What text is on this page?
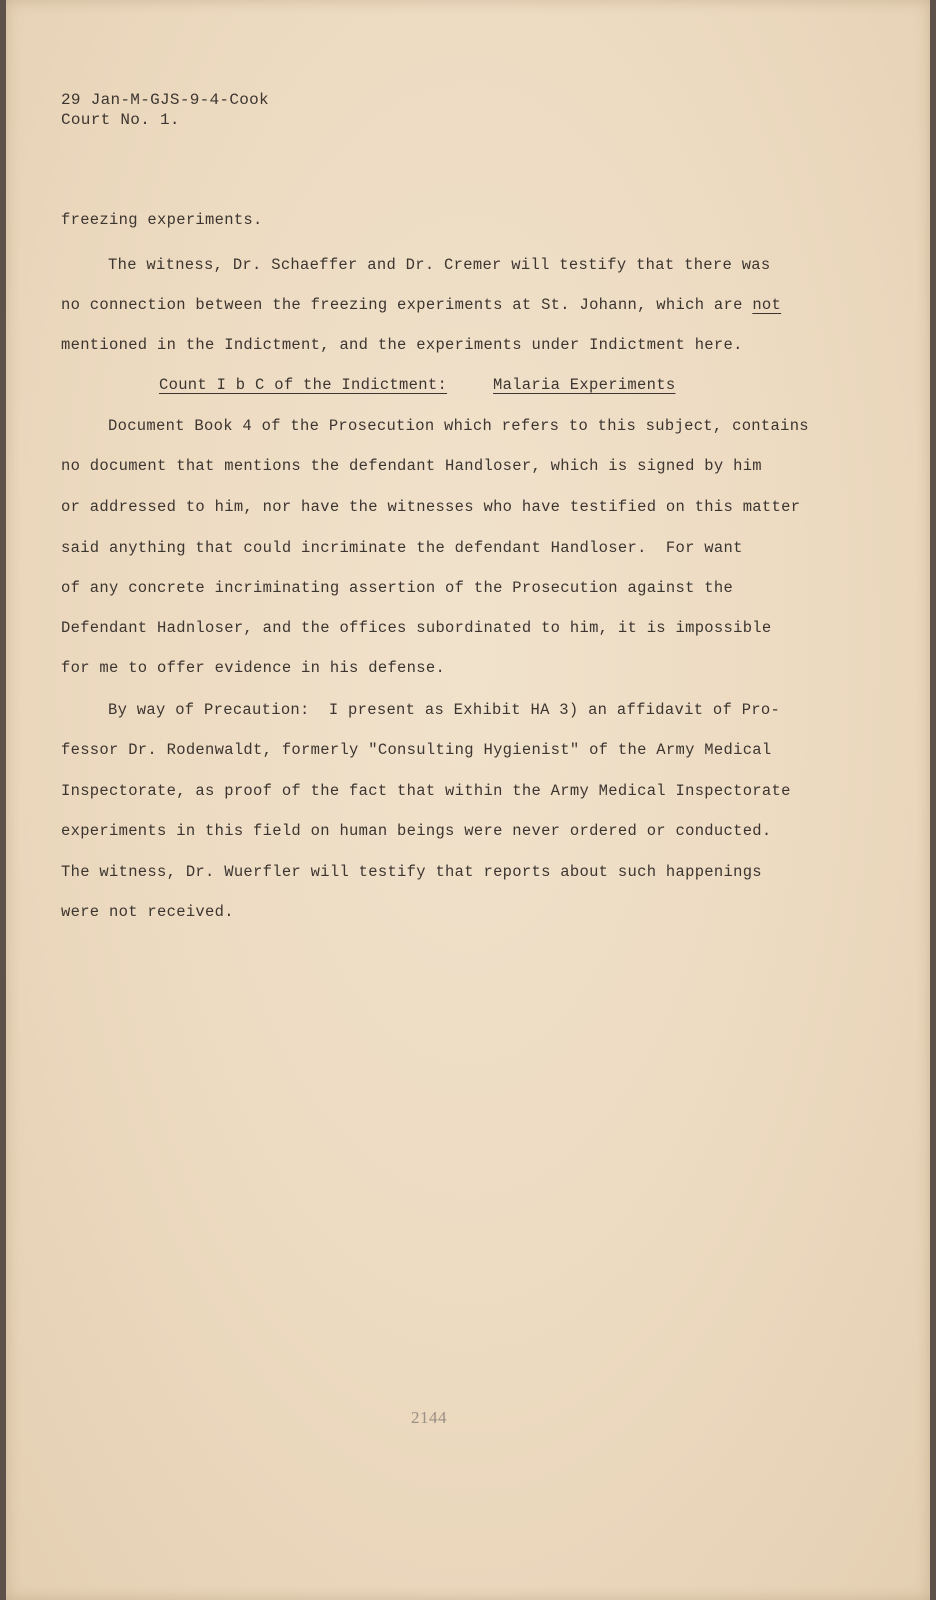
29 Jan-M-GJS-9-4-Cook
Court No. 1.
freezing experiments.
The witness, Dr. Schaeffer and Dr. Cremer will testify that there was
no connection between the freezing experiments at St. Johann, which are not
mentioned in the Indictment, and the experiments under Indictment here.
Count I b C of the Indictment:	Malaria Experiments
Document Book 4 of the Prosecution which refers to this subject, contains
no document that mentions the defendant Handloser, which is signed by him
or addressed to him, nor have the witnesses who have testified on this matter
said anything that could incriminate the defendant Handloser.  For want
of any concrete incriminating assertion of the Prosecution against the
Defendant Hadnloser, and the offices subordinated to him, it is impossible
for me to offer evidence in his defense.
By way of Precaution:  I present as Exhibit HA 3) an affidavit of Pro-
fessor Dr. Rodenwaldt, formerly "Consulting Hygienist" of the Army Medical
Inspectorate, as proof of the fact that within the Army Medical Inspectorate
experiments in this field on human beings were never ordered or conducted.
The witness, Dr. Wuerfler will testify that reports about such happenings
were not received.
2144
